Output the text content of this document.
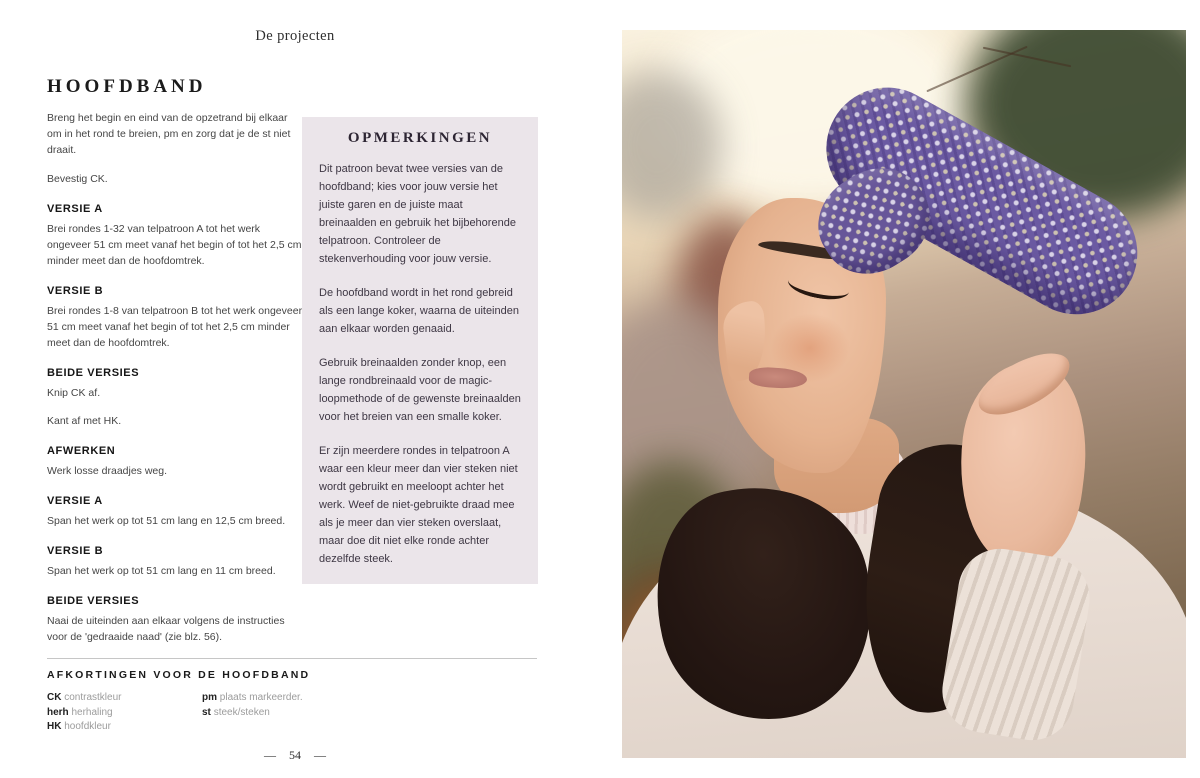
De projecten
HOOFDBAND

Breng het begin en eind van de opzetrand bij elkaar om in het rond te breien, pm en zorg dat je de st niet draait.

Bevestig CK.

VERSIE A

Brei rondes 1-32 van telpatroon A tot het werk ongeveer 51 cm meet vanaf het begin of tot het 2,5 cm minder meet dan de hoofdomtrek.

VERSIE B

Brei rondes 1-8 van telpatroon B tot het werk ongeveer 51 cm meet vanaf het begin of tot het 2,5 cm minder meet dan de hoofdomtrek.

BEIDE VERSIES

Knip CK af.

Kant af met HK.

AFWERKEN

Werk losse draadjes weg.

VERSIE A

Span het werk op tot 51 cm lang en 12,5 cm breed.

VERSIE B

Span het werk op tot 51 cm lang en 11 cm breed.

BEIDE VERSIES

Naai de uiteinden aan elkaar volgens de instructies voor de 'gedraaide naad' (zie blz. 56).

OPMERKINGEN

Dit patroon bevat twee versies van de hoofdband; kies voor jouw versie het juiste garen en de juiste maat breinaalden en gebruik het bijbehorende telpatroon. Controleer de stekenverhouding voor jouw versie.

De hoofdband wordt in het rond gebreid als een lange koker, waarna de uiteinden aan elkaar worden genaaid.

Gebruik breinaalden zonder knop, een lange rondbreinaald voor de magic-loopmethode of de gewenste breinaalden voor het breien van een smalle koker.

Er zijn meerdere rondes in telpatroon A waar een kleur meer dan vier steken niet wordt gebruikt en meeloopt achter het werk. Weef de niet-gebruikte draad mee als je meer dan vier steken overslaat, maar doe dit niet elke ronde achter dezelfde steek.

AFKORTINGEN VOOR DE HOOFDBAND
CK contrastkleur
herh herhaling
HK hoofdkleur
pm plaats markeerder.
st steek/steken
— 54 —
